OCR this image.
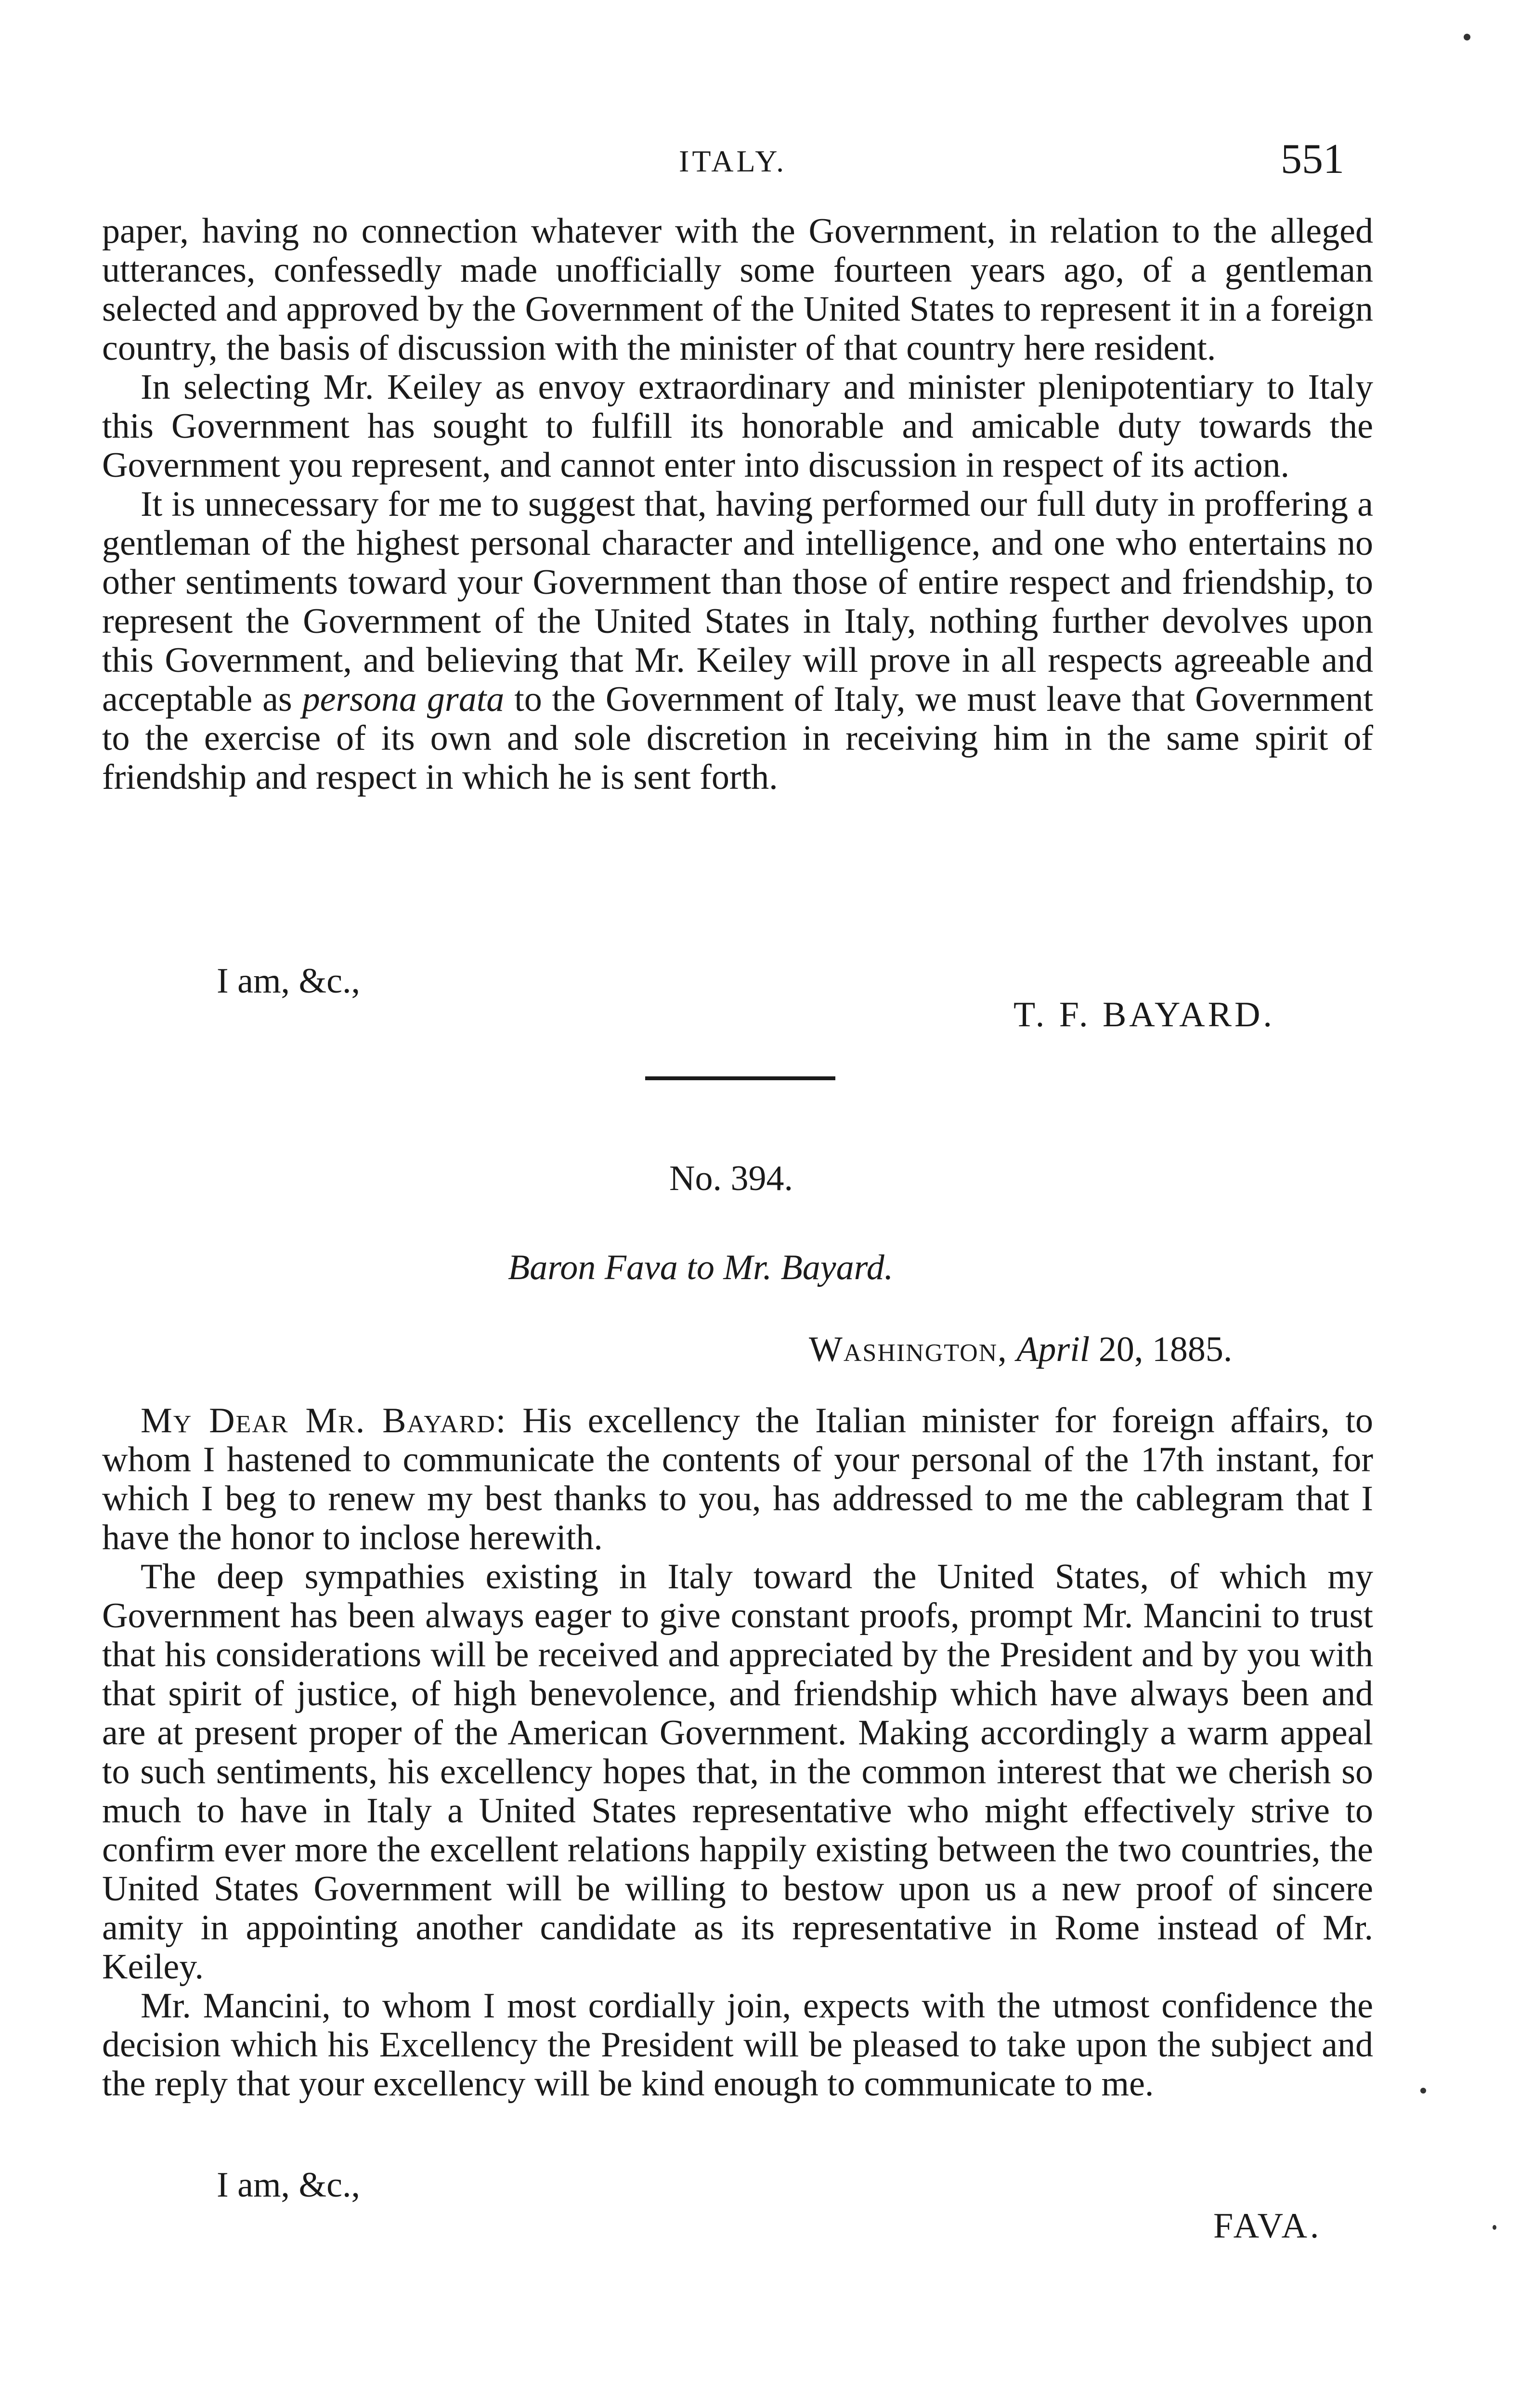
ITALY.	551

paper, having no connection whatever with the Government, in relation to the alleged utterances, confessedly made unofficially some fourteen years ago, of a gentleman selected and approved by the Government of the United States to represent it in a foreign country, the basis of discussion with the minister of that country here resident.

In selecting Mr. Keiley as envoy extraordinary and minister plenipotentiary to Italy this Government has sought to fulfill its honorable and amicable duty towards the Government you represent, and cannot enter into discussion in respect of its action.

It is unnecessary for me to suggest that, having performed our full duty in proffering a gentleman of the highest personal character and intelligence, and one who entertains no other sentiments toward your Government than those of entire respect and friendship, to represent the Government of the United States in Italy, nothing further devolves upon this Government, and believing that Mr. Keiley will prove in all respects agreeable and acceptable as persona grata to the Government of Italy, we must leave that Government to the exercise of its own and sole discretion in receiving him in the same spirit of friendship and respect in which he is sent forth.

I am, &c.,
T. F. BAYARD.
No. 394.
Baron Fava to Mr. Bayard.
Washington, April 20, 1885.

My Dear Mr. Bayard: His excellency the Italian minister for foreign affairs, to whom I hastened to communicate the contents of your personal of the 17th instant, for which I beg to renew my best thanks to you, has addressed to me the cablegram that I have the honor to inclose herewith.

The deep sympathies existing in Italy toward the United States, of which my Government has been always eager to give constant proofs, prompt Mr. Mancini to trust that his considerations will be received and appreciated by the President and by you with that spirit of justice, of high benevolence, and friendship which have always been and are at present proper of the American Government. Making accordingly a warm appeal to such sentiments, his excellency hopes that, in the common interest that we cherish so much to have in Italy a United States representative who might effectively strive to confirm ever more the excellent relations happily existing between the two countries, the United States Government will be willing to bestow upon us a new proof of sincere amity in appointing another candidate as its representative in Rome instead of Mr. Keiley.

Mr. Mancini, to whom I most cordially join, expects with the utmost confidence the decision which his Excellency the President will be pleased to take upon the subject and the reply that your excellency will be kind enough to communicate to me.

I am, &c.,
FAVA.
